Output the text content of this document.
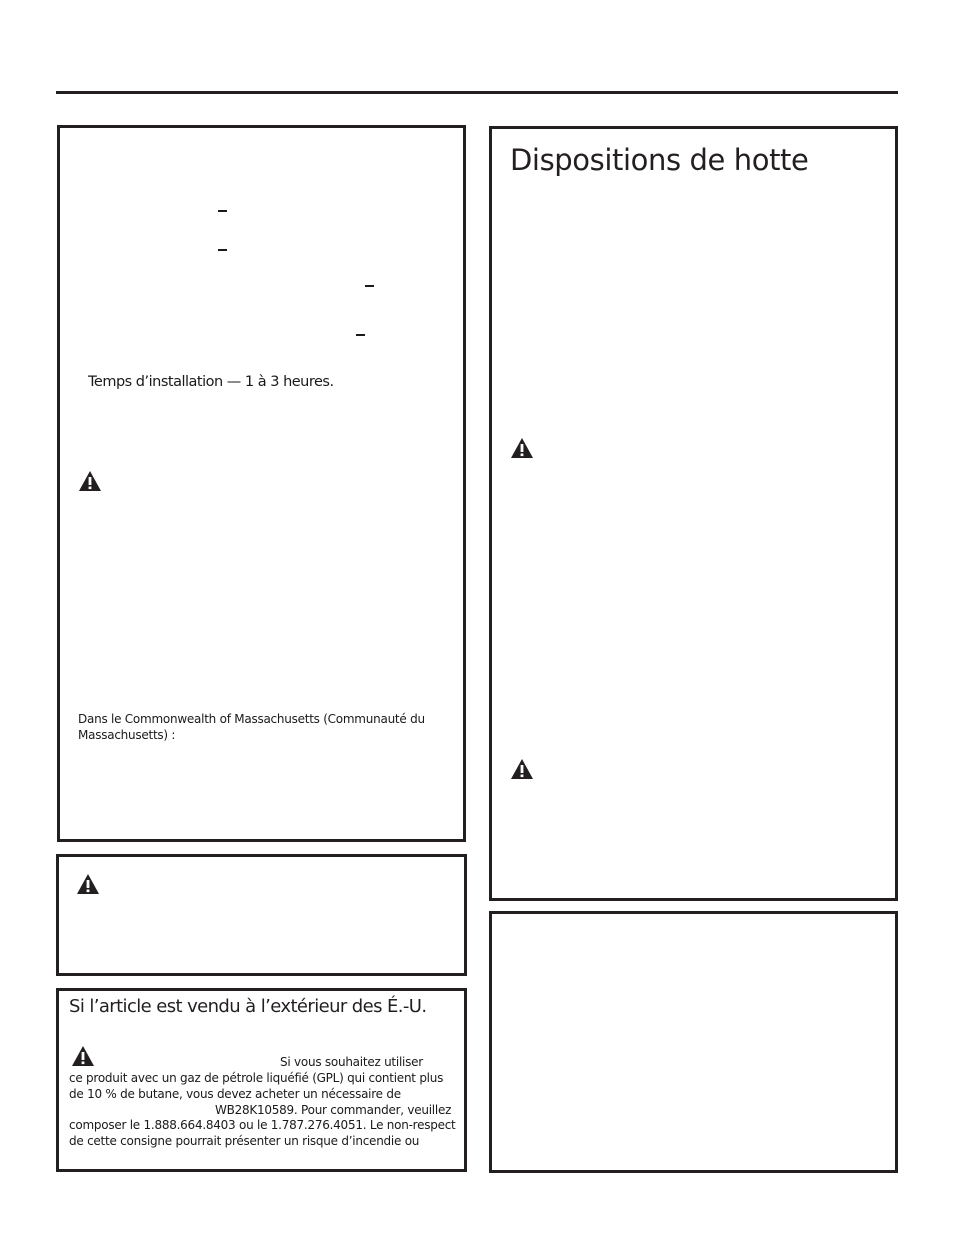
Temps d’installation — 1 à 3 heures.

Dans le Commonwealth of Massachusetts (Communauté du

Massachusetts) :

Si l’article est vendu à l’extérieur des É.-U.

Si vous souhaitez utiliser

ce produit avec un gaz de pétrole liquéfié (GPL) qui contient plus

de 10 % de butane, vous devez acheter un nécessaire de

WB28K10589. Pour commander, veuillez

composer le 1.888.664.8403 ou le 1.787.276.4051. Le non-respect

de cette consigne pourrait présenter un risque d’incendie ou

Dispositions de hotte
